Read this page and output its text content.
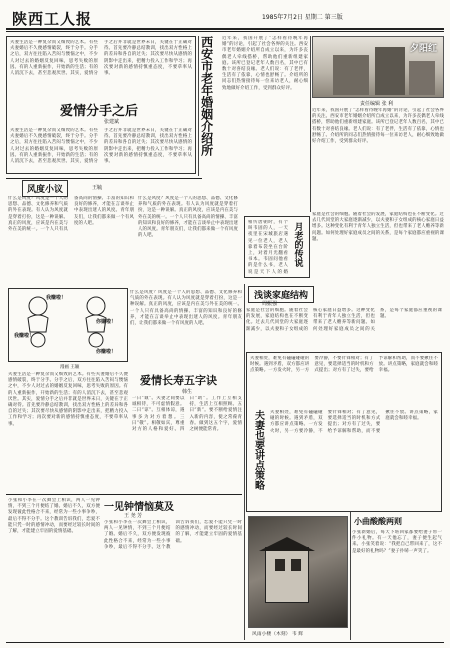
陕西工人报	1985年7月2日 星期二 第三版
夫妻生活是一种复杂而又细致的艺术。有些夫妻婚后不久便感情破裂，终于分手。分手之后，双方往往陷入苦闷与懊恼之中，不少人对过去的婚姻反复回味，思考失败的原因。有的人重新振作，开始新的生活；有的人消沉下去，甚至悲观厌世。其实，爱情分手之后并非就是世界末日，关键在于正确对待。首先要冷静总结教训，找出双方性格上的差异和各自的过失；其次要尽快从感情的阴影中走出来，把精力投入工作和学习；再次要对新的感情持慎重态度，不要草率从事。
爱情分手之后
张建斌
夫妻生活是一种复杂而又细致的艺术。有些夫妻婚后不久便感情破裂，终于分手。分手之后，双方往往陷入苦闷与懊恼之中，不少人对过去的婚姻反复回味，思考失败的原因。有的人重新振作，开始新的生活；有的人消沉下去，甚至悲观厌世。其实，爱情分手之后并非就是世界末日，关键在于正确对待。首先要冷静总结教训，找出双方性格上的差异和各自的过失；其次要尽快从感情的阴影中走出来，把精力投入工作和学习；再次要对新的感情持慎重态度，不要草率从事。
西安市老年婚姻介绍所 近年来，我国开展了“怎样看待晚年再婚”的讨论，引起了社会各界的关注。西安市老年婚姻介绍所自成立以来，为许多丧偶老人牵线搭桥，帮助他们重新组建家庭。该所已登记老年人数百名，其中已有数十对喜结良缘。老人们说：有了老伴，生活有了依靠，心情也舒畅了。介绍所的同志们热情接待每一位来访老人，耐心细致地做好介绍工作，受到群众好评。
夕阳红
责任编辑 张 利
近年来，我国开展了“怎样看待晚年再婚”的讨论，引起了社会各界的关注。西安市老年婚姻介绍所自成立以来，为许多丧偶老人牵线搭桥，帮助他们重新组建家庭。该所已登记老年人数百名，其中已有数十对喜结良缘。老人们说：有了老伴，生活有了依靠，心情也舒畅了。介绍所的同志们热情接待每一位来访老人，耐心细致地做好介绍工作，受到群众好评。
家庭是社会的细胞。随着社会的发展，家庭结构也在不断变化。过去几代同堂的大家庭逐渐减少，以夫妻和子女组成的核心家庭日益增多。这种变化有利于青年人独立生活，但也带来了老人赡养等新问题。如何处理好家庭成员之间的关系，是每个家庭都应重视的课题。
风度小议	王毓
什么是风度？风度是一个人的思想、品德、文化修养和气质的外在表现。有人认为风度就是穿着打扮，这是一种误解。真正的风度，应该是内在美与外在美的统一。一个人只有具备高尚的情操、丰富的知识和良好的修养，才能在言谈举止中表现出迷人的风度。青年朋友们，让我们都来做一个有风度的人吧。
什么是风度？风度是一个人的思想、品德、文化修养和气质的外在表现。有人认为风度就是穿着打扮，这是一种误解。真正的风度，应该是内在美与外在美的统一。一个人只有具备高尚的情操、丰富的知识和良好的修养，才能在言谈举止中表现出迷人的风度。青年朋友们，让我们都来做一个有风度的人吧。
相传唐朝时，有个叫韦固的人，一天夜里在宋城旅店遇见一位老人，老人靠着布袋坐在台阶上，对着月光翻看书本。韦固问他看的是什么书，老人说是天下人的婚
月老的传说
我赚啦！
你嫌啦！
我赚啦！
你赚啦！
漫画 王颖
浅谈家庭结构
周振强
家庭是社会的细胞。随着社会的发展，家庭结构也在不断变化。过去几代同堂的大家庭逐渐减少，以夫妻和子女组成的核心家庭日益增多。这种变化有利于青年人独立生活，但也带来了老人赡养等新问题。如何处理好家庭成员之间的关系，是每个家庭都应重视的课题。
什么是风度？风度是一个人的思想、品德、文化修养和气质的外在表现。有人认为风度就是穿着打扮，这是一种误解。真正的风度，应该是内在美与外在美的统一。一个人只有具备高尚的情操、丰富的知识和良好的修养，才能在言谈举止中表现出迷人的风度。青年朋友们，让我们都来做一个有风度的人吧。
爱情长寿五字诀
韩生
一曰“诚”。夫妻之间要以诚相待，不可虚情假意。二曰“谅”。互相体谅，遇事多为对方着想。三曰“敬”。相敬如宾，尊重对方的人格和爱好。四曰“助”。工作上互相支持，生活上互相照顾。五曰“新”。要不断给爱情注入新的内容，使之常葆青春。做到这五个字，爱情之树便能常青。
夫妻生活是一种复杂而又细致的艺术。有些夫妻婚后不久便感情破裂，终于分手。分手之后，双方往往陷入苦闷与懊恼之中，不少人对过去的婚姻反复回味，思考失败的原因。有的人重新振作，开始新的生活；有的人消沉下去，甚至悲观厌世。其实，爱情分手之后并非就是世界末日，关键在于正确对待。首先要冷静总结教训，找出双方性格上的差异和各自的过失；其次要尽快从感情的阴影中走出来，把精力投入工作和学习；再次要对新的感情持慎重态度，不要草率从事。
夫妻相处，难免有磕磕碰碰的时候。遇到矛盾，双方都应讲点策略。一方发火时，另一方要冷静，不要针锋相对；有了意见，要选择适当的时机和方式提出；对方有了过失，要给予谅解和帮助，而不要揪住不放。讲点策略，家庭就会和睦幸福。
夫妻也要讲点策略 夫妻相处，难免有磕磕碰碰的时候。遇到矛盾，双方都应讲点策略。一方发火时，另一方要冷静，不要针锋相对；有了意见，要选择适当的时机和方式提出；对方有了过失，要给予谅解和帮助，而不要揪住不放。讲点策略，家庭就会和睦幸福。
一见钟情恼莫及
王 尧 芳
小张和小李在一次舞会上相识，两人一见钟情，不到三个月便结了婚。婚后不久，双方便发现彼此性格合不来，经常为一些小事争吵，最后不得不分手。这个教训告诉我们，恋爱不能只凭一时的感情冲动，而要经过较长时间的了解，才能建立牢固的爱情基础。
小张和小李在一次舞会上相识，两人一见钟情，不到三个月便结了婚。婚后不久，双方便发现彼此性格合不来，经常为一些小事争吵，最后不得不分手。这个教训告诉我们，恋爱不能只凭一时的感情冲动，而要经过较长时间的了解，才能建立牢固的爱情基础。
小曲酸酸两则
小张新婚后，每天下班回家都要给妻子带一件小礼物。有一天他忘了，妻子便生起气来。小张笑着说：“我把自己带回来了，这不是最好的礼物吗？”妻子扑哧一声笑了。
风雨小楼（木刻） 韦 辉
